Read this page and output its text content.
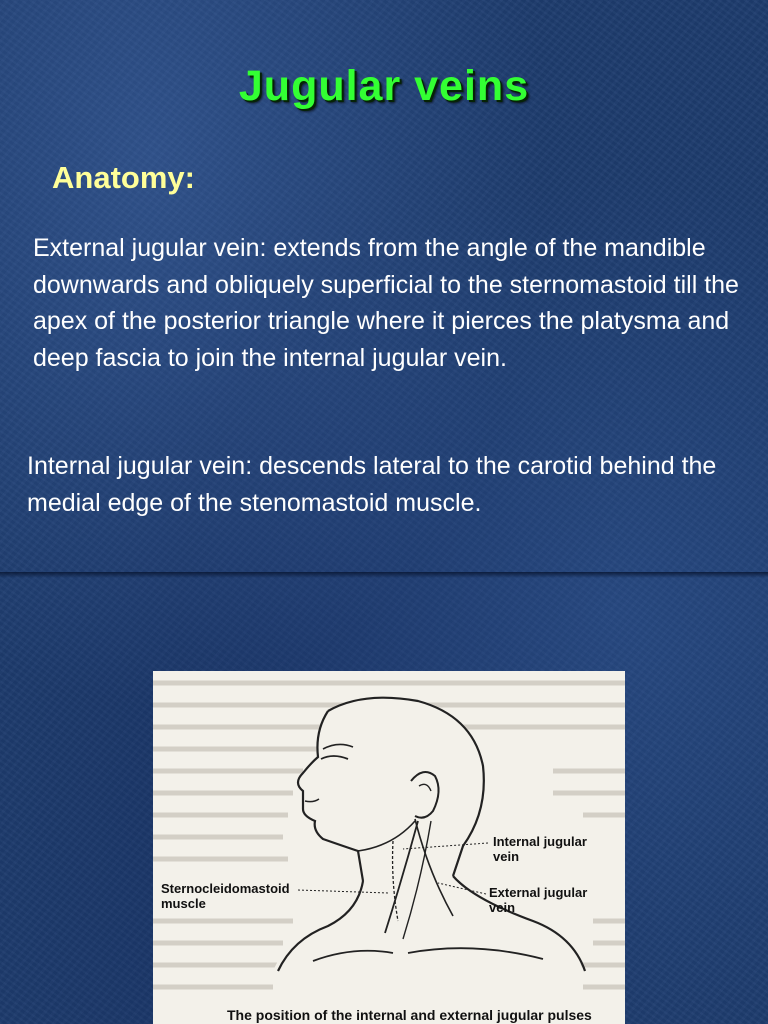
Jugular veins
Anatomy:

External jugular vein: extends from the angle of the mandible downwards and obliquely superficial to the sternomastoid till the apex of the posterior triangle where it pierces the platysma and deep fascia to join the internal jugular vein.

Internal jugular vein: descends lateral to the carotid behind the medial edge of the stenomastoid muscle.

Internal jugular
vein
External jugular
vein
Sternocleidomastoid
muscle
The position of the internal and external jugular pulses
